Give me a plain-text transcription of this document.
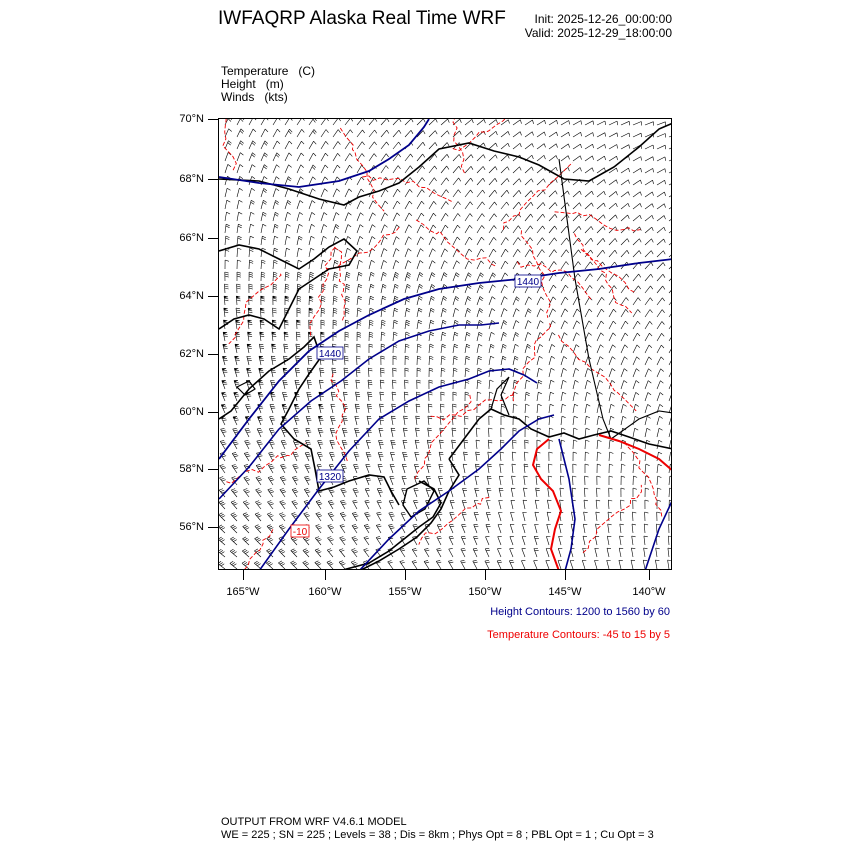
IWFAQRP Alaska Real Time WRF Init: 2025-12-26_00:00:00
Valid: 2025-12-29_18:00:00
Temperature (C)
Height (m)
Winds (kts)
70°N
68°N
66°N
64°N
62°N
60°N
58°N
56°N
165°W	160°W	155°W	150°W	145°W	140°W
1440
1440
1320
-10
Height Contours: 1200 to 1560 by 60
Temperature Contours: -45 to 15 by 5
OUTPUT FROM WRF V4.6.1 MODEL
WE = 225 ; SN = 225 ; Levels = 38 ; Dis = 8km ; Phys Opt = 8 ; PBL Opt = 1 ; Cu Opt = 3
